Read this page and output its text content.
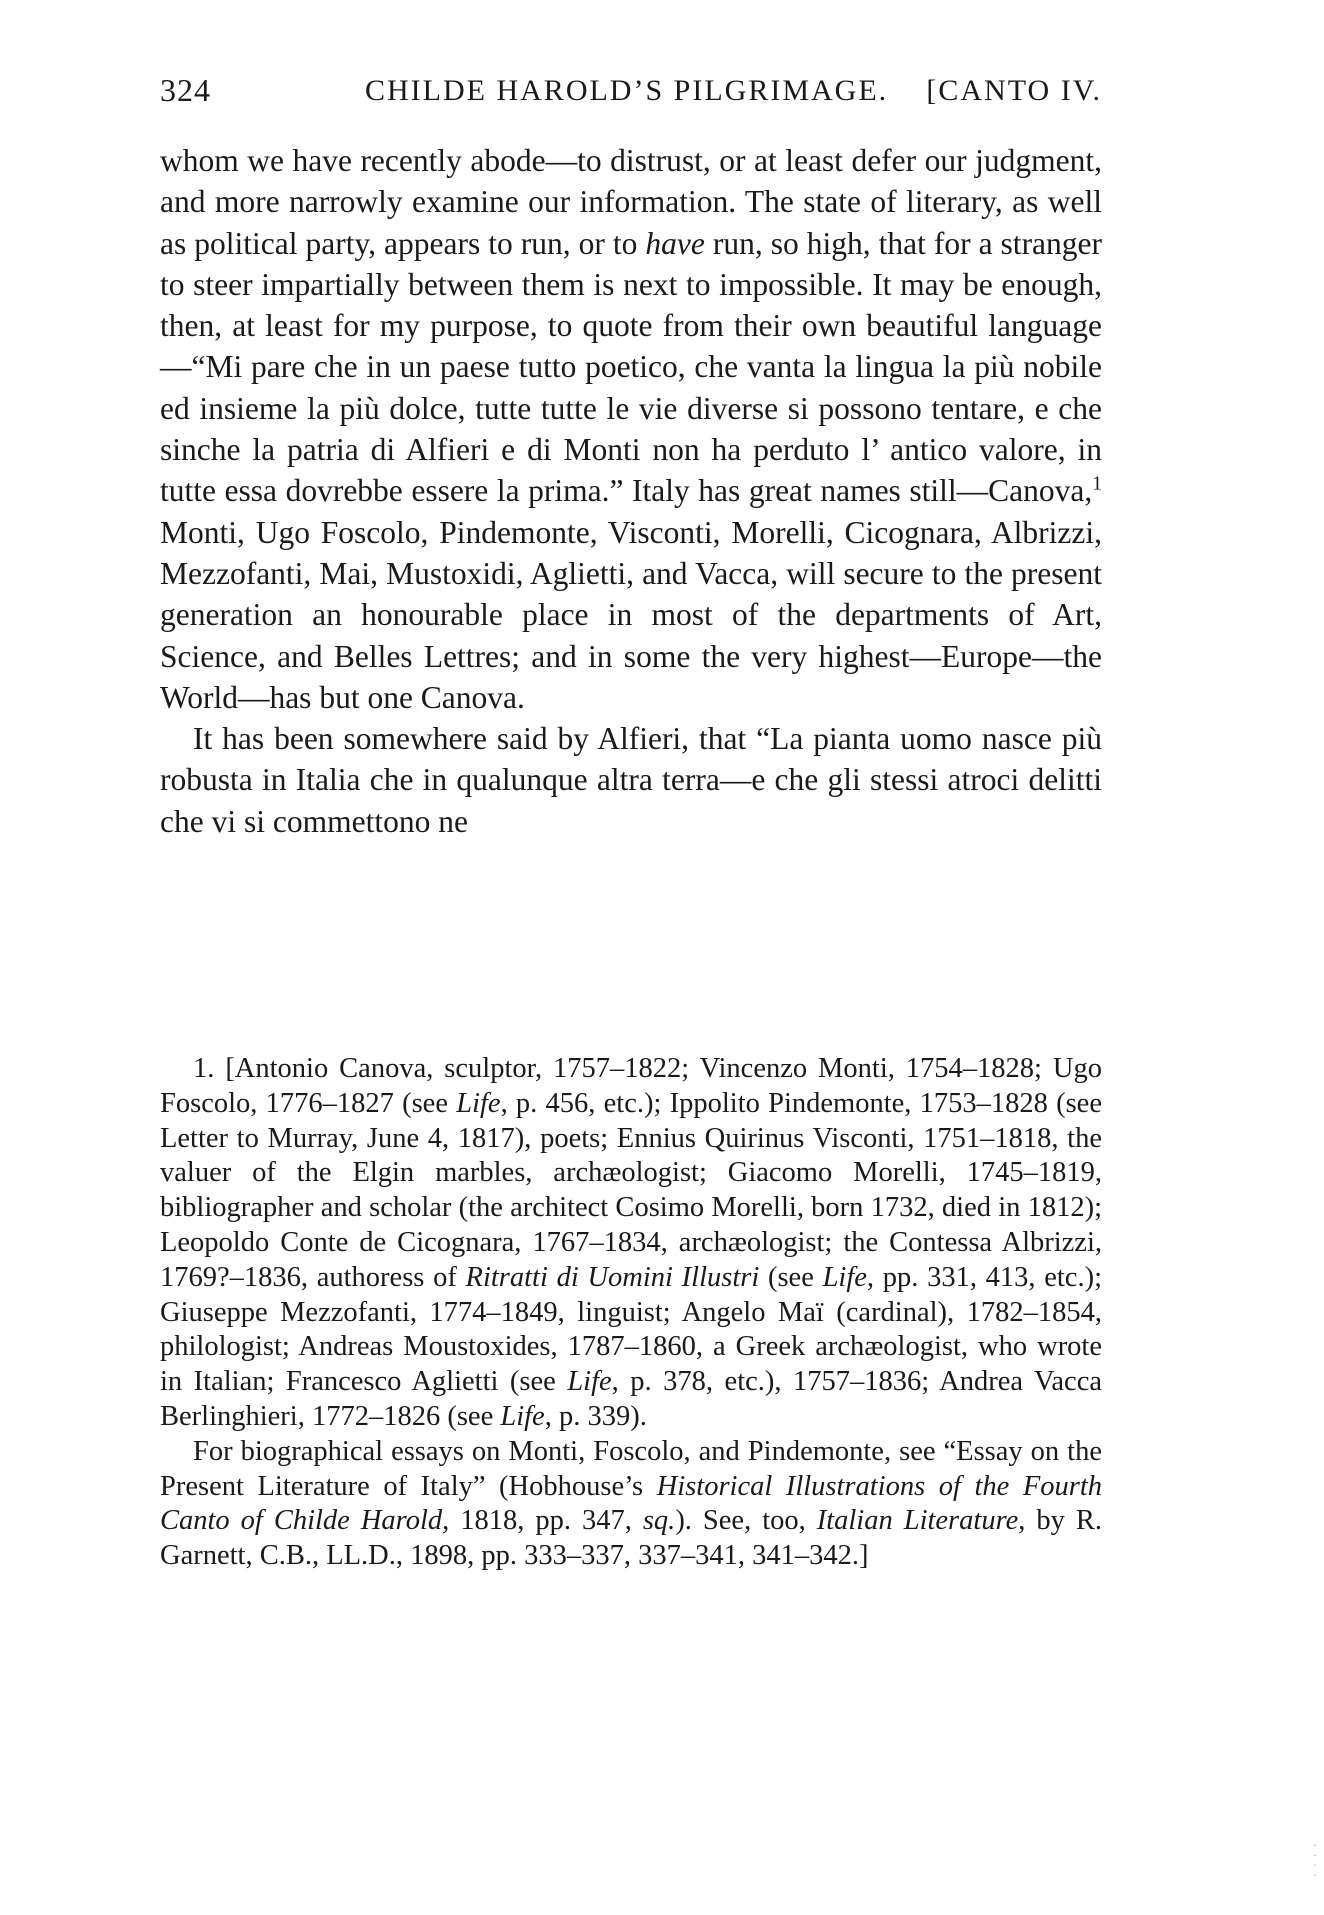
324	CHILDE HAROLD’S PILGRIMAGE. [CANTO IV.

whom we have recently abode—to distrust, or at least defer our judgment, and more narrowly examine our information. The state of literary, as well as political party, appears to run, or to have run, so high, that for a stranger to steer impartially between them is next to impossible. It may be enough, then, at least for my purpose, to quote from their own beautiful language—“Mi pare che in un paese tutto poetico, che vanta la lingua la più nobile ed insieme la più dolce, tutte tutte le vie diverse si possono tentare, e che sinche la patria di Alfieri e di Monti non ha perduto l’ antico valore, in tutte essa dovrebbe essere la prima.” Italy has great names still—Canova,$^1$ Monti, Ugo Foscolo, Pindemonte, Visconti, Morelli, Cicognara, Albrizzi, Mezzofanti, Mai, Mustoxidi, Aglietti, and Vacca, will secure to the present generation an honourable place in most of the departments of Art, Science, and Belles Lettres; and in some the very highest—Europe—the World—has but one Canova.

It has been somewhere said by Alfieri, that “La pianta uomo nasce più robusta in Italia che in qualunque altra terra—e che gli stessi atroci delitti che vi si commettono ne

1. [Antonio Canova, sculptor, 1757–1822; Vincenzo Monti, 1754–1828; Ugo Foscolo, 1776–1827 (see Life, p. 456, etc.); Ippolito Pindemonte, 1753–1828 (see Letter to Murray, June 4, 1817), poets; Ennius Quirinus Visconti, 1751–1818, the valuer of the Elgin marbles, archæologist; Giacomo Morelli, 1745–1819, bibliographer and scholar (the architect Cosimo Morelli, born 1732, died in 1812); Leopoldo Conte de Cicognara, 1767–1834, archæologist; the Contessa Albrizzi, 1769?–1836, authoress of Ritratti di Uomini Illustri (see Life, pp. 331, 413, etc.); Giuseppe Mezzofanti, 1774–1849, linguist; Angelo Maï (cardinal), 1782–1854, philologist; Andreas Moustoxides, 1787–1860, a Greek archæologist, who wrote in Italian; Francesco Aglietti (see Life, p. 378, etc.), 1757–1836; Andrea Vacca Berlinghieri, 1772–1826 (see Life, p. 339).

For biographical essays on Monti, Foscolo, and Pindemonte, see “Essay on the Present Literature of Italy” (Hobhouse’s Historical Illustrations of the Fourth Canto of Childe Harold, 1818, pp. 347, sq.). See, too, Italian Literature, by R. Garnett, C.B., LL.D., 1898, pp. 333–337, 337–341, 341–342.]

· · · ·
